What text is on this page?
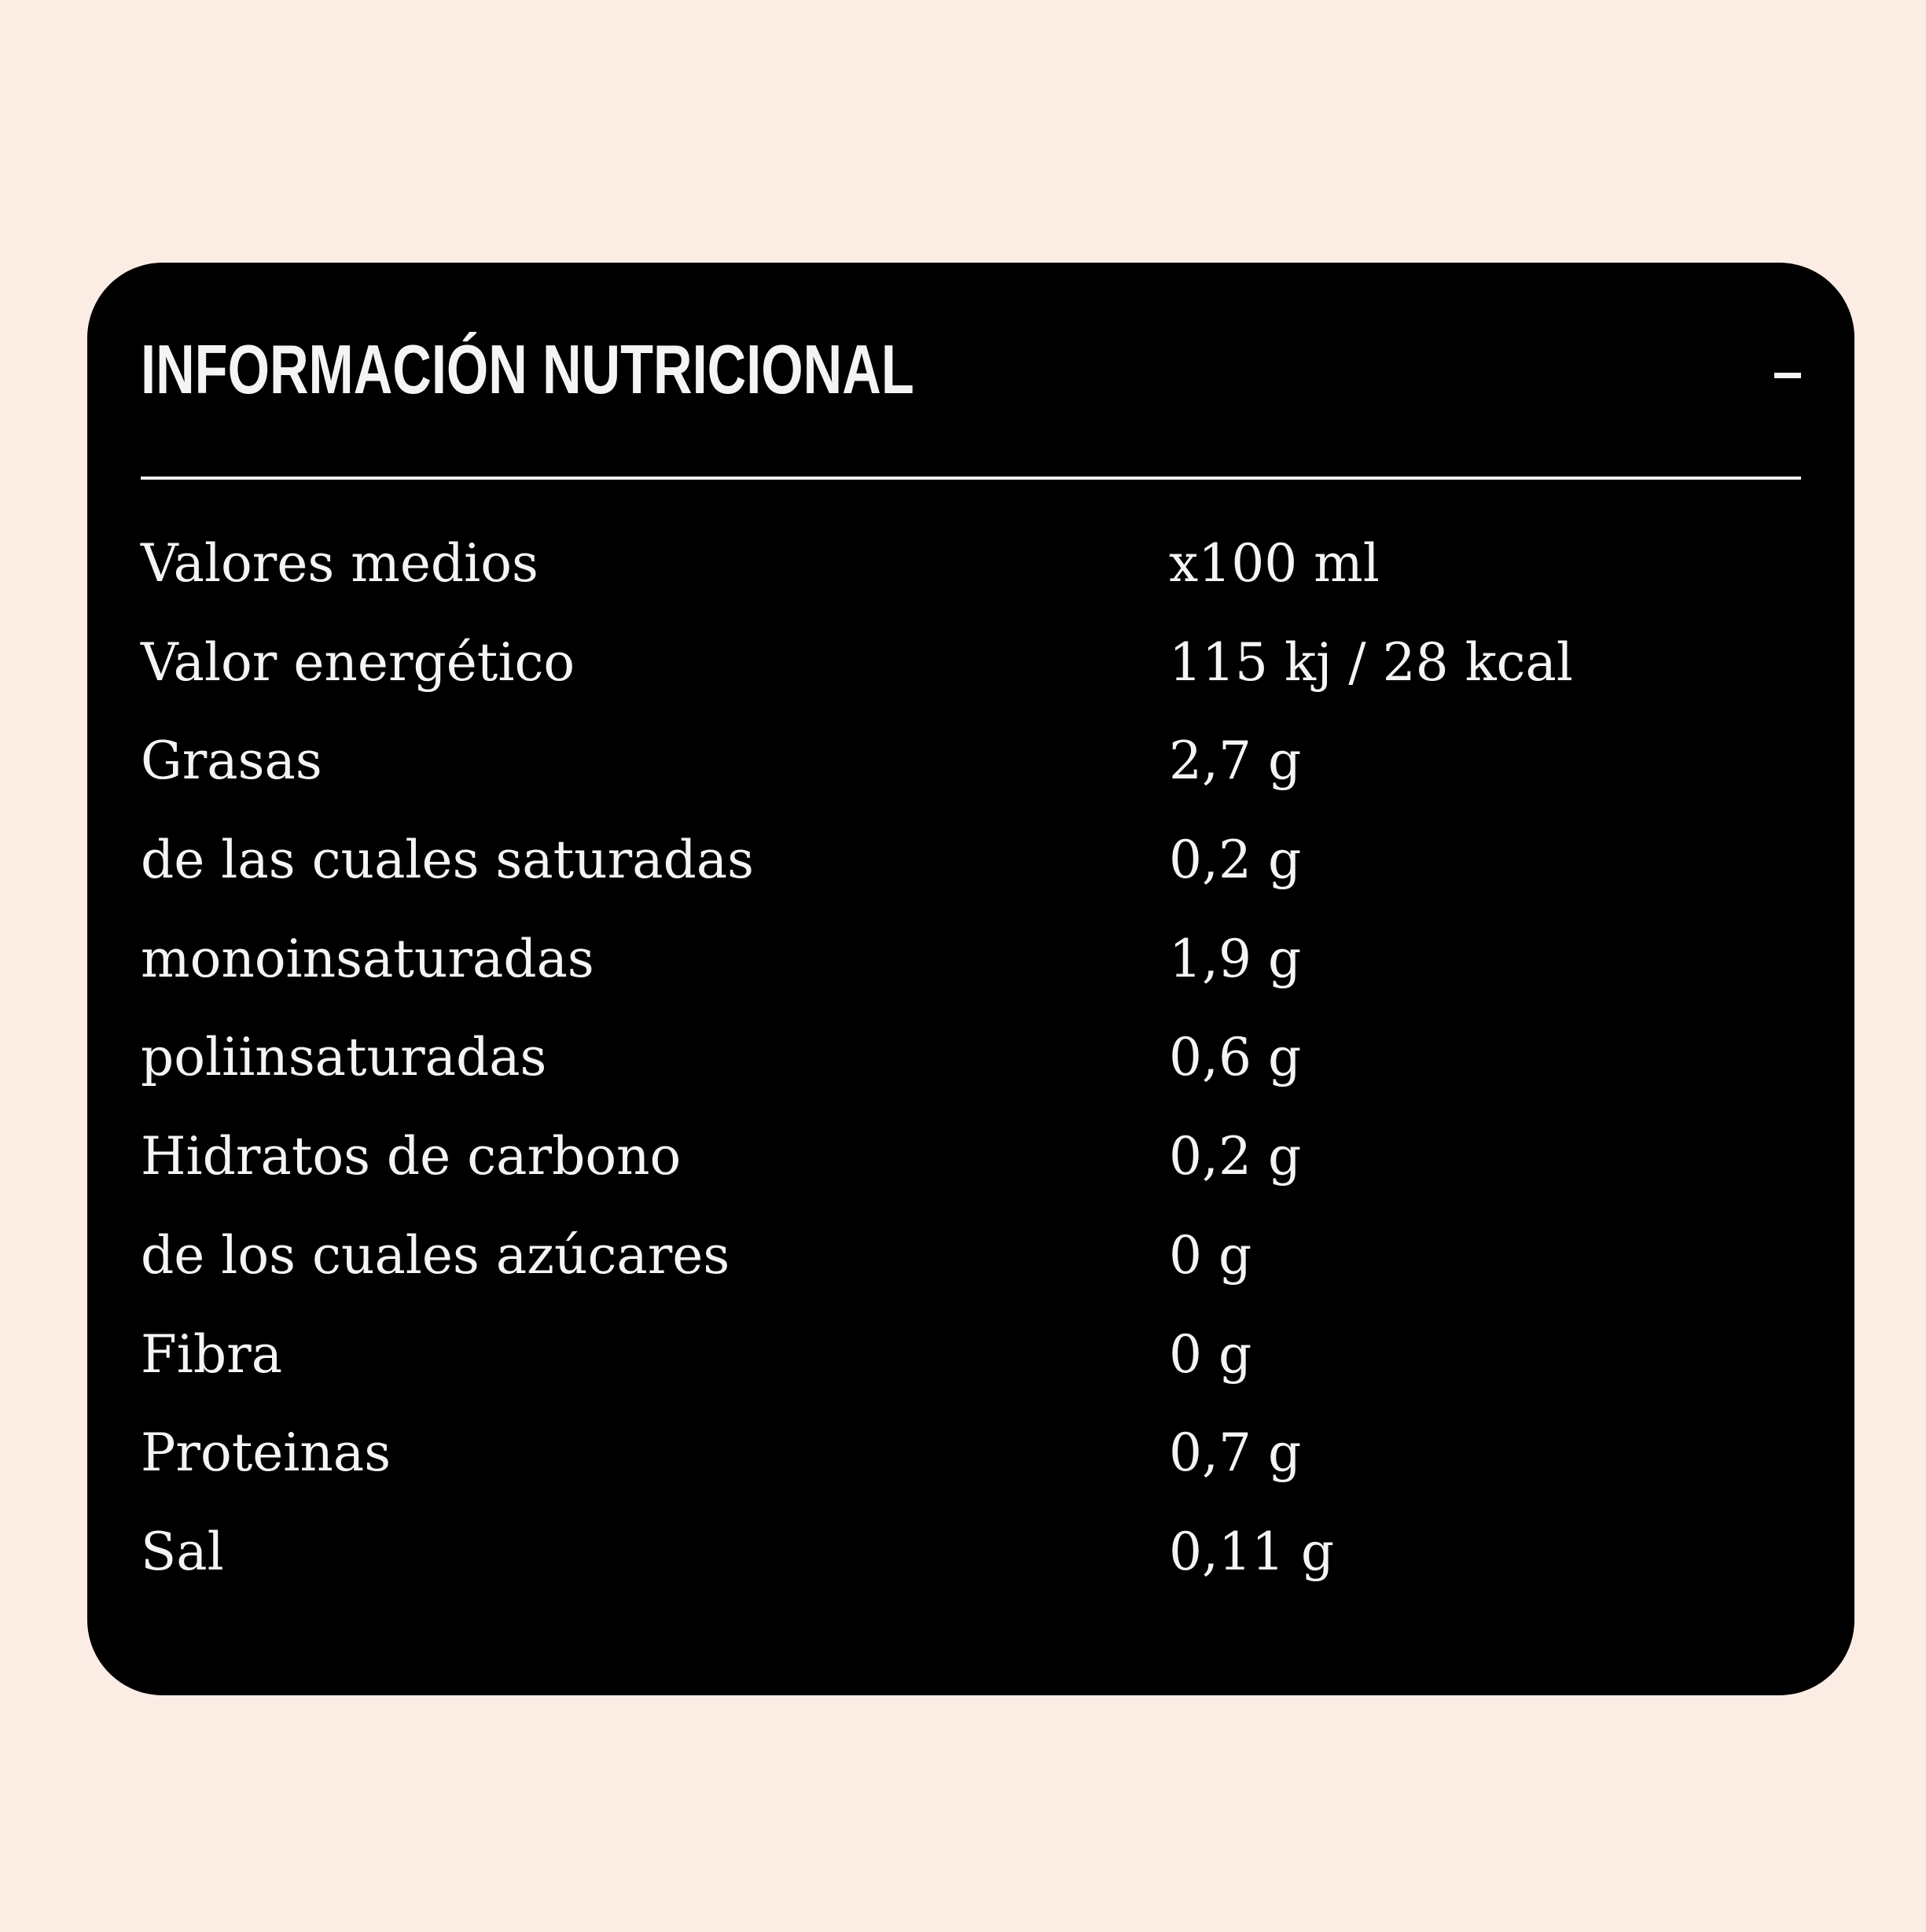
INFORMACIÓN NUTRICIONAL
Valores medios	x100 ml
Valor energético	115 kj / 28 kcal
Grasas	2,7 g
de las cuales saturadas	0,2 g
monoinsaturadas	1,9 g
poliinsaturadas	0,6 g
Hidratos de carbono	0,2 g
de los cuales azúcares	0 g
Fibra	0 g
Proteinas	0,7 g
Sal	0,11 g
